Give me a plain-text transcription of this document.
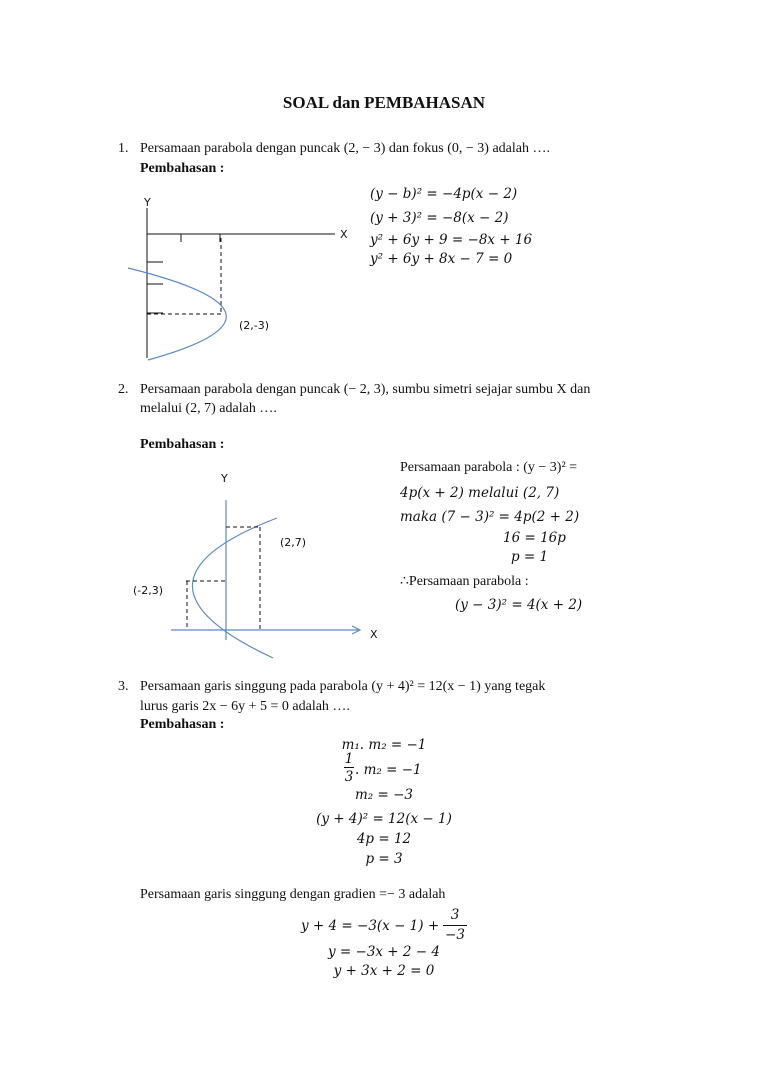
SOAL dan PEMBAHASAN
1. Persamaan parabola dengan puncak (2, − 3) dan fokus (0, − 3) adalah ….
Pembahasan :
Y
X
(2,-3)
(y − b)² = −4p(x − 2)
(y + 3)² = −8(x − 2)
y² + 6y + 9 = −8x + 16
y² + 6y + 8x − 7 = 0
2. Persamaan parabola dengan puncak (− 2, 3), sumbu simetri sejajar sumbu X dan
melalui (2, 7) adalah ….
Pembahasan :
Y
X
(2,7)
(-2,3)
Persamaan parabola : (y − 3)² =
4p(x + 2) melalui (2, 7)
maka (7 − 3)² = 4p(2 + 2)
16 = 16p
p = 1
∴Persamaan parabola :
(y − 3)² = 4(x + 2)
3. Persamaan garis singgung pada parabola (y + 4)² = 12(x − 1) yang tegak
lurus garis 2x − 6y + 5 = 0 adalah ….
Pembahasan :
m₁. m₂ = −1
1
3 . m₂ = −1
m₂ = −3
(y + 4)² = 12(x − 1)
4p = 12
p = 3
Persamaan garis singgung dengan gradien =− 3 adalah
y + 4 = −3(x − 1) +
3
−3
y = −3x + 2 − 4
y + 3x + 2 = 0
